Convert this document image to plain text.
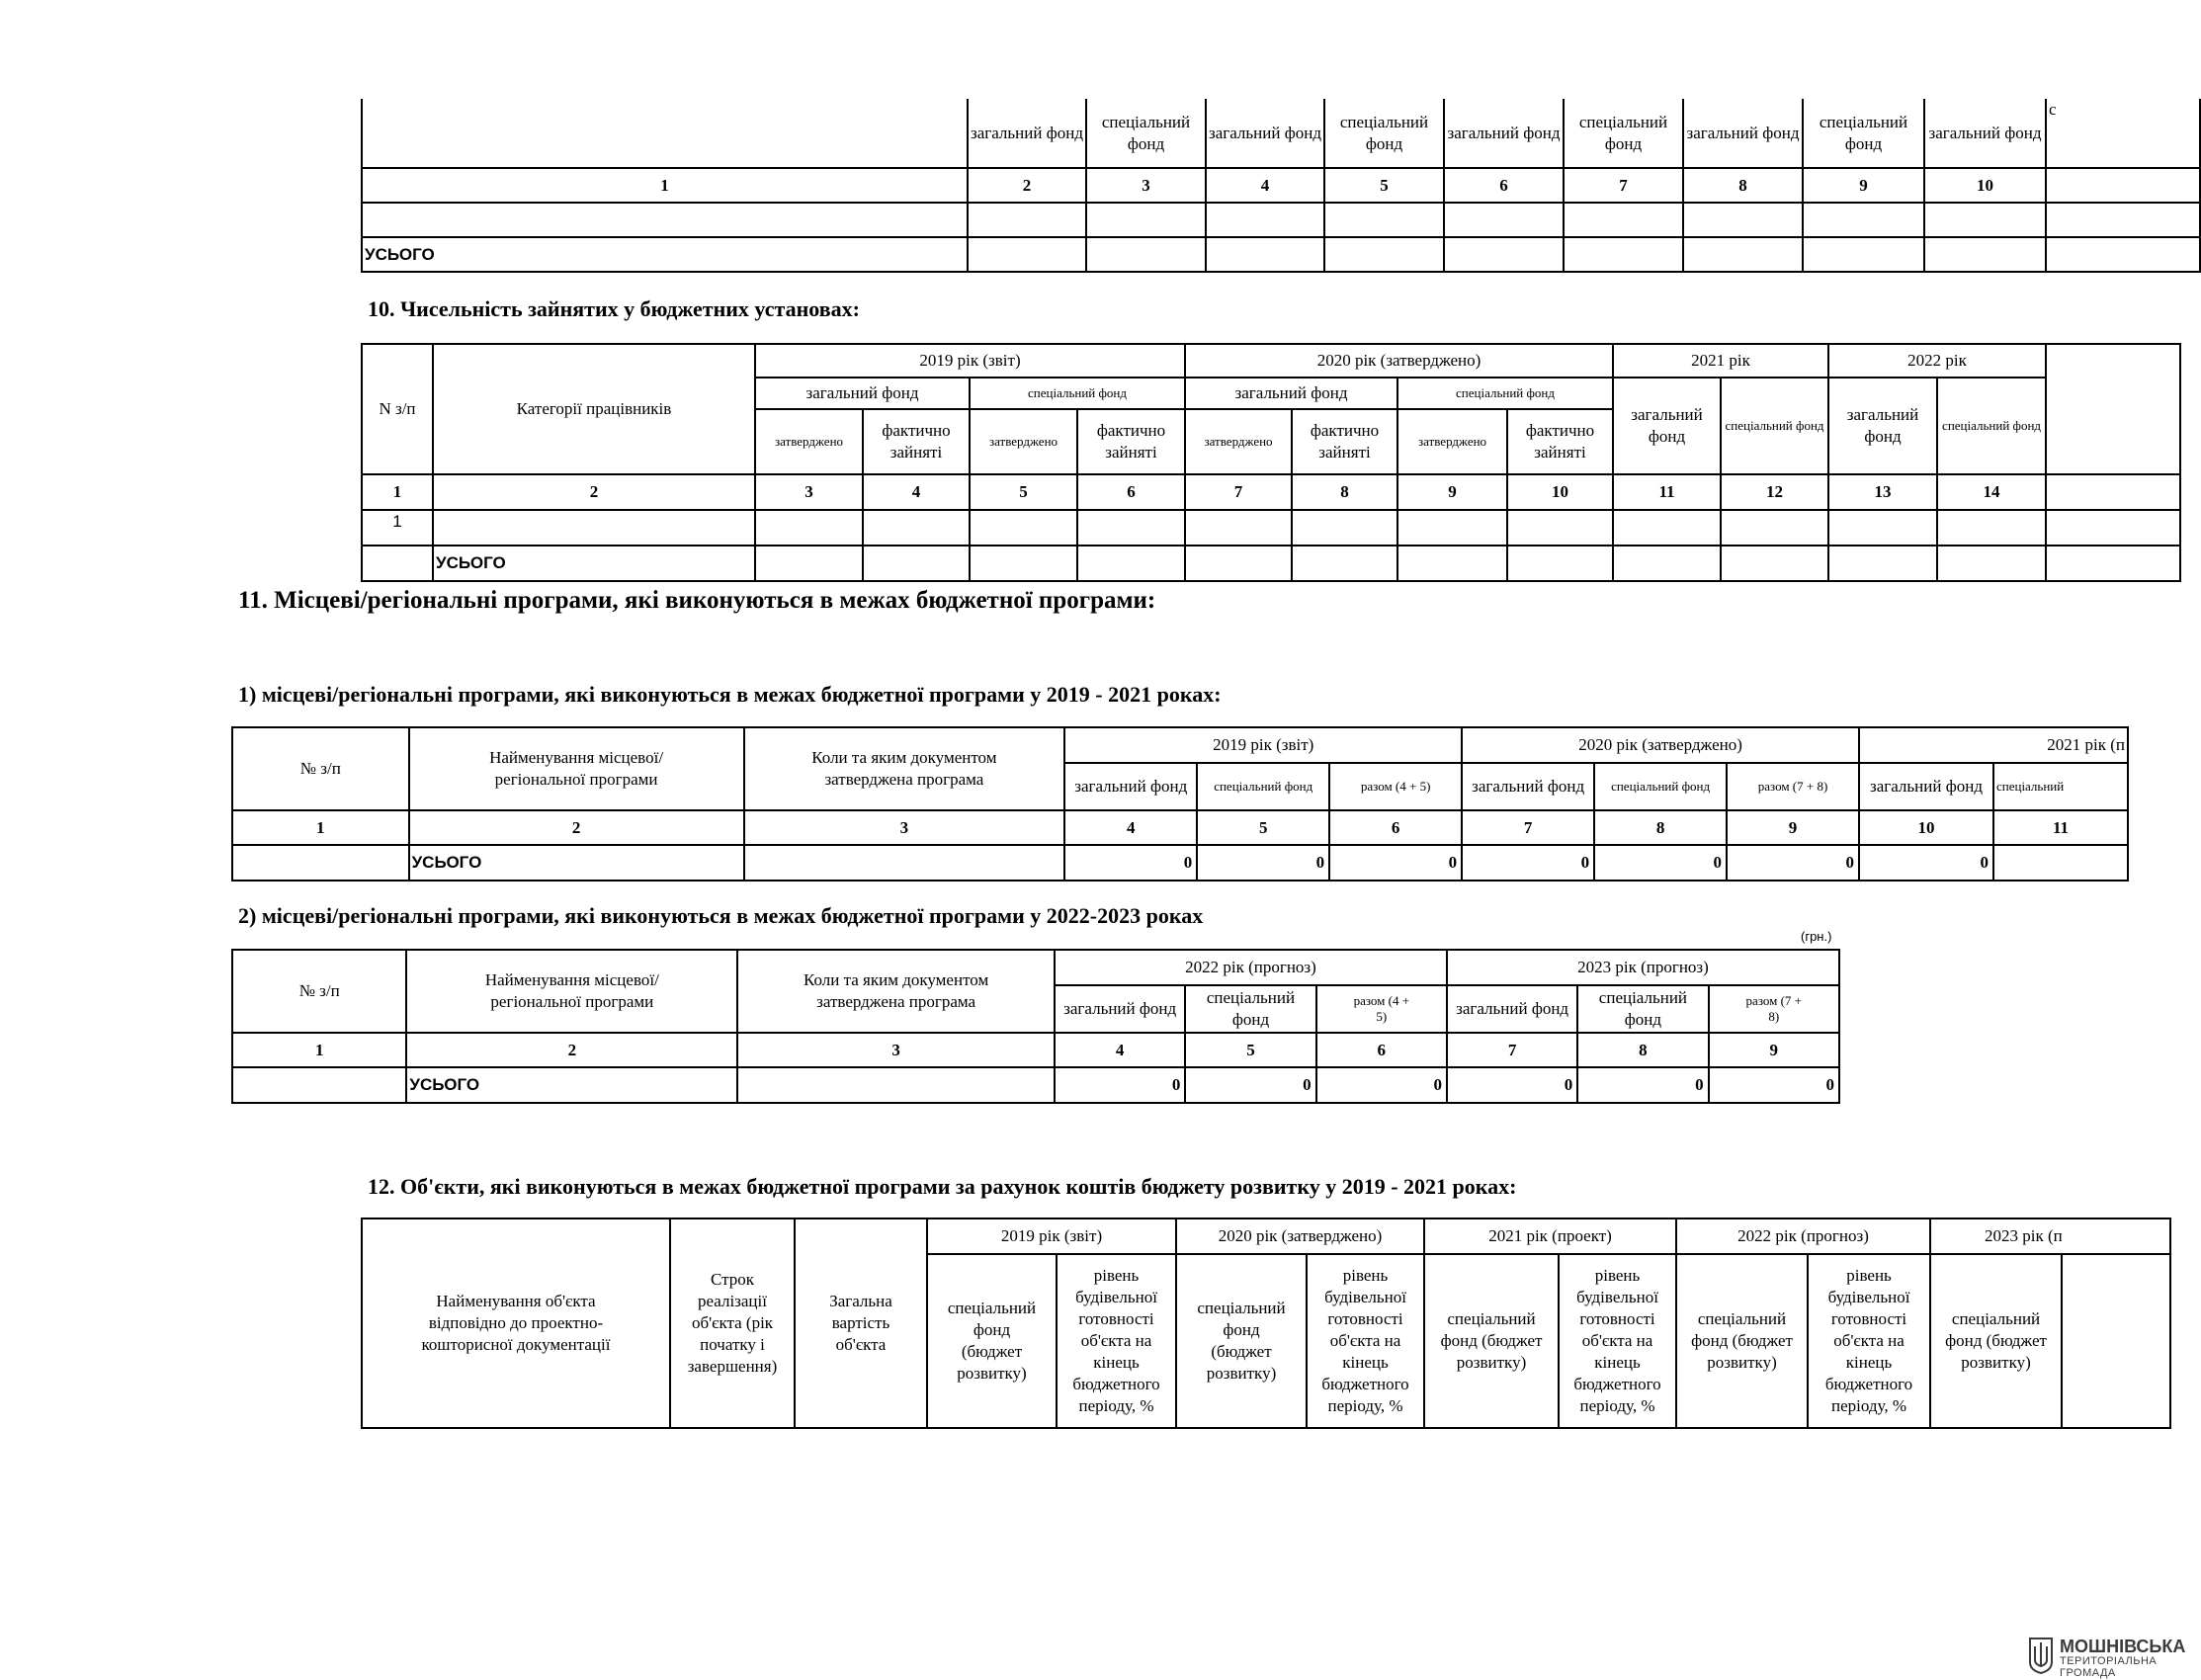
	загальний фонд	спеціальний фонд	загальний фонд	спеціальний фонд	загальний фонд	спеціальний фонд	загальний фонд	спеціальний фонд	загальний фонд	с
1	2	3	4	5	6	7	8	9	10	

УСЬОГО										
10. Чисельність зайнятих у бюджетних установах:
N з/п	Категорії працівників	2019 рік (звіт)				2020 рік (затверджено)				2021 рік		2022 рік		
		загальний фонд		спеціальний фонд		загальний фонд		спеціальний фонд		загальний фонд	спеціальний фонд	загальний фонд	спеціальний фонд	
		затверджено	фактично зайняті	затверджено	фактично зайняті	затверджено	фактично зайняті	затверджено	фактично зайняті					
1	2	3	4	5	6	7	8	9	10	11	12	13	14	
1														
	УСЬОГО													
11. Місцеві/регіональні програми, які виконуються в межах бюджетної програми:
1) місцеві/регіональні програми, які виконуються в межах бюджетної програми у 2019 - 2021 роках:
№ з/п	Найменування місцевої/регіональної програми	Коли та яким документом затверджена програма	2019 рік (звіт)			2020 рік (затверджено)			2021 рік (п	
			загальний фонд	спеціальний фонд	разом (4 + 5)	загальний фонд	спеціальний фонд	разом (7 + 8)	загальний фонд	спеціальний
1	2	3	4	5	6	7	8	9	10	11
	УСЬОГО		0	0	0	0	0	0	0	
2) місцеві/регіональні програми, які виконуються в межах бюджетної програми у 2022-2023 роках
(грн.)
№ з/п	Найменування місцевої/регіональної програми	Коли та яким документом затверджена програма	2022 рік (прогноз)			2023 рік (прогноз)		
			загальний фонд	спеціальний фонд	разом (4 + 5)	загальний фонд	спеціальний фонд	разом (7 + 8)
1	2	3	4	5	6	7	8	9
	УСЬОГО		0	0	0	0	0	0
12. Об'єкти, які виконуються в межах бюджетної програми за рахунок коштів бюджету розвитку у 2019 - 2021 роках:
Найменування об'єкта відповідно до проектно-кошторисної документації	Строк реалізації об'єкта (рік початку і завершення)	Загальна вартість об'єкта	2019 рік (звіт)		2020 рік (затверджено)		2021 рік (проект)		2022 рік (прогноз)		2023 рік (п	
			спеціальний фонд (бюджет розвитку)	рівень будівельної готовності об'єкта на кінець бюджетного періоду, %	спеціальний фонд (бюджет розвитку)	рівень будівельної готовності об'єкта на кінець бюджетного періоду, %	спеціальний фонд (бюджет розвитку)	рівень будівельної готовності об'єкта на кінець бюджетного періоду, %	спеціальний фонд (бюджет розвитку)	рівень будівельної готовності об'єкта на кінець бюджетного періоду, %	спеціальний фонд (бюджет розвитку)	
МОШНІВСЬКА
ТЕРИТОРІАЛЬНА
ГРОМАДА
